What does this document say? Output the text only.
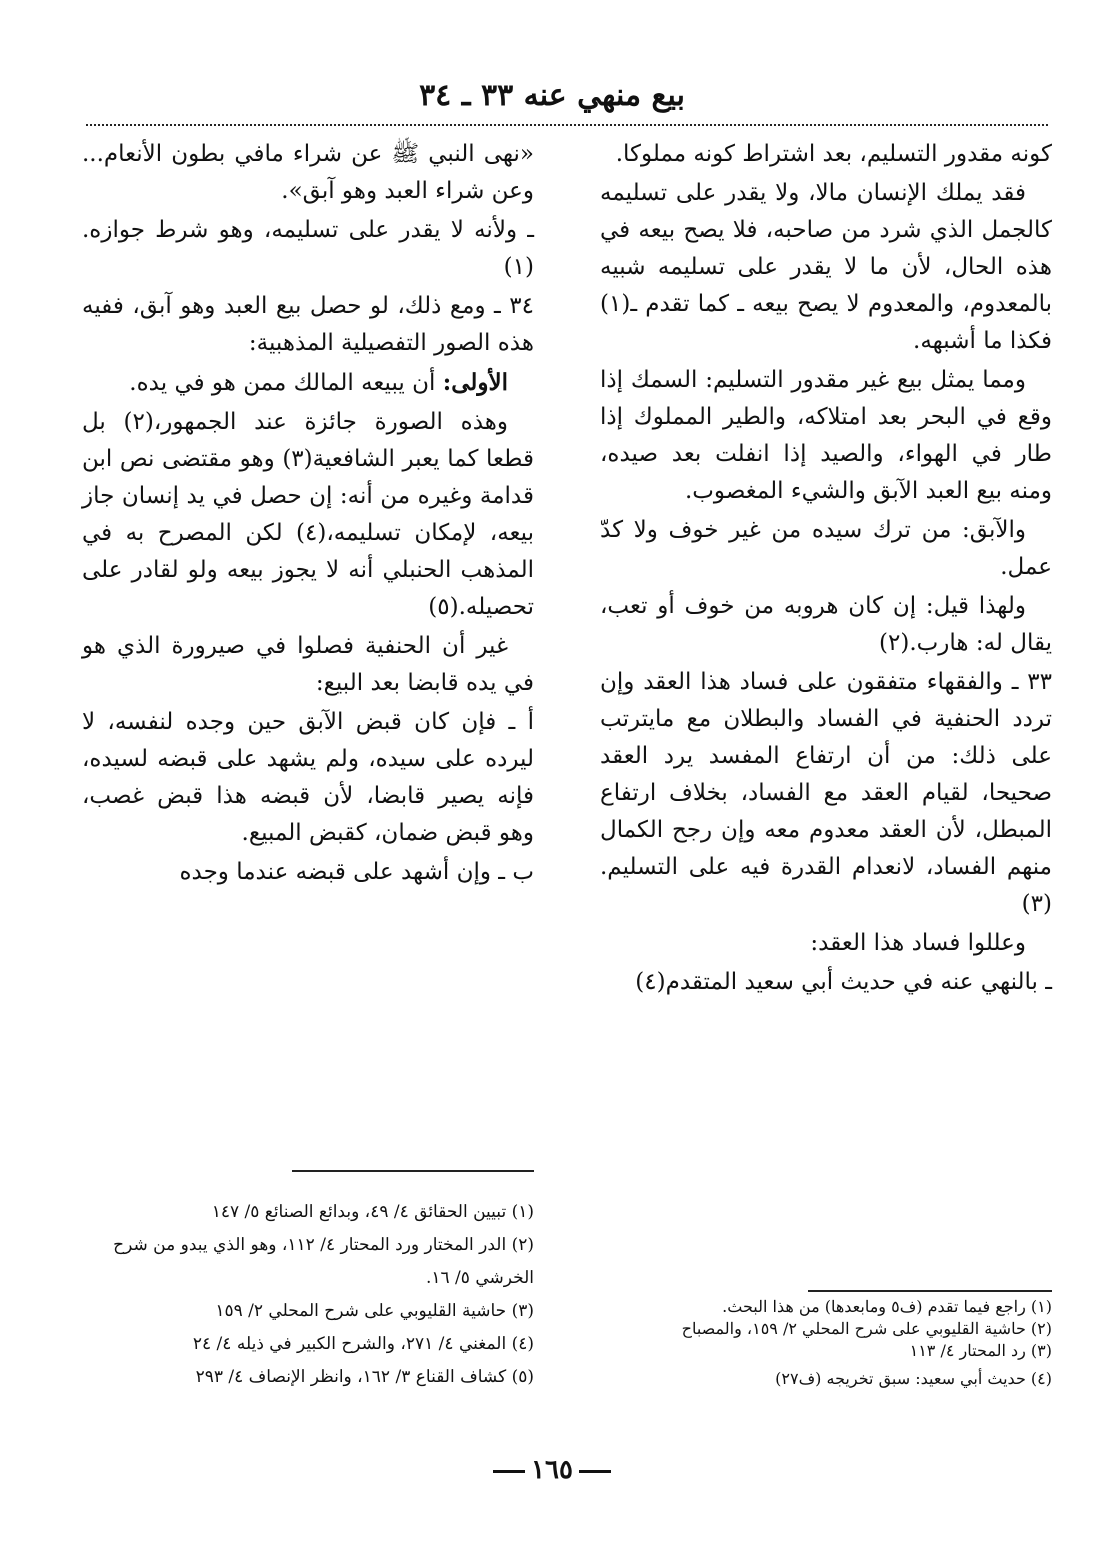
بيع منهي عنه ٣٣ ـ ٣٤

كونه مقدور التسليم، بعد اشتراط كونه مملوكا.

فقد يملك الإنسان مالا، ولا يقدر على تسليمه كالجمل الذي شرد من صاحبه، فلا يصح بيعه في هذه الحال، لأن ما لا يقدر على تسليمه شبيه بالمعدوم، والمعدوم لا يصح بيعه ـ كما تقدم ـ(١) فكذا ما أشبهه.

ومما يمثل بيع غير مقدور التسليم: السمك إذا وقع في البحر بعد امتلاكه، والطير المملوك إذا طار في الهواء، والصيد إذا انفلت بعد صيده، ومنه بيع العبد الآبق والشيء المغصوب.

والآبق: من ترك سيده من غير خوف ولا كدّ عمل.

ولهذا قيل: إن كان هروبه من خوف أو تعب، يقال له: هارب.(٢)

٣٣ ـ والفقهاء متفقون على فساد هذا العقد وإن تردد الحنفية في الفساد والبطلان مع مايترتب على ذلك: من أن ارتفاع المفسد يرد العقد صحيحا، لقيام العقد مع الفساد، بخلاف ارتفاع المبطل، لأن العقد معدوم معه وإن رجح الكمال منهم الفساد، لانعدام القدرة فيه على التسليم.(٣)

وعللوا فساد هذا العقد:

ـ بالنهي عنه في حديث أبي سعيد المتقدم(٤)

«نهى النبي ﷺ عن شراء مافي بطون الأنعام... وعن شراء العبد وهو آبق».

ـ ولأنه لا يقدر على تسليمه، وهو شرط جوازه.(١)

٣٤ ـ ومع ذلك، لو حصل بيع العبد وهو آبق، ففيه هذه الصور التفصيلية المذهبية:

الأولى: أن يبيعه المالك ممن هو في يده.

وهذه الصورة جائزة عند الجمهور،(٢) بل قطعا كما يعبر الشافعية(٣) وهو مقتضى نص ابن قدامة وغيره من أنه: إن حصل في يد إنسان جاز بيعه، لإمكان تسليمه،(٤) لكن المصرح به في المذهب الحنبلي أنه لا يجوز بيعه ولو لقادر على تحصيله.(٥)

غير أن الحنفية فصلوا في صيرورة الذي هو في يده قابضا بعد البيع:

أ ـ فإن كان قبض الآبق حين وجده لنفسه، لا ليرده على سيده، ولم يشهد على قبضه لسيده، فإنه يصير قابضا، لأن قبضه هذا قبض غصب، وهو قبض ضمان، كقبض المبيع.

ب ـ وإن أشهد على قبضه عندما وجده

(١) تبيين الحقائق ٤/ ٤٩، وبدائع الصنائع ٥/ ١٤٧

(٢) الدر المختار ورد المحتار ٤/ ١١٢، وهو الذي يبدو من شرح الخرشي ٥/ ١٦.

(٣) حاشية القليوبي على شرح المحلي ٢/ ١٥٩

(٤) المغني ٤/ ٢٧١، والشرح الكبير في ذيله ٤/ ٢٤

(٥) كشاف القناع ٣/ ١٦٢، وانظر الإنصاف ٤/ ٢٩٣

(١) راجع فيما تقدم (ف٥ ومابعدها) من هذا البحث.

(٢) حاشية القليوبي على شرح المحلي ٢/ ١٥٩، والمصباح

(٣) رد المحتار ٤/ ١١٣

(٤) حديث أبي سعيد: سبق تخريجه (ف٢٧)

١٦٥
